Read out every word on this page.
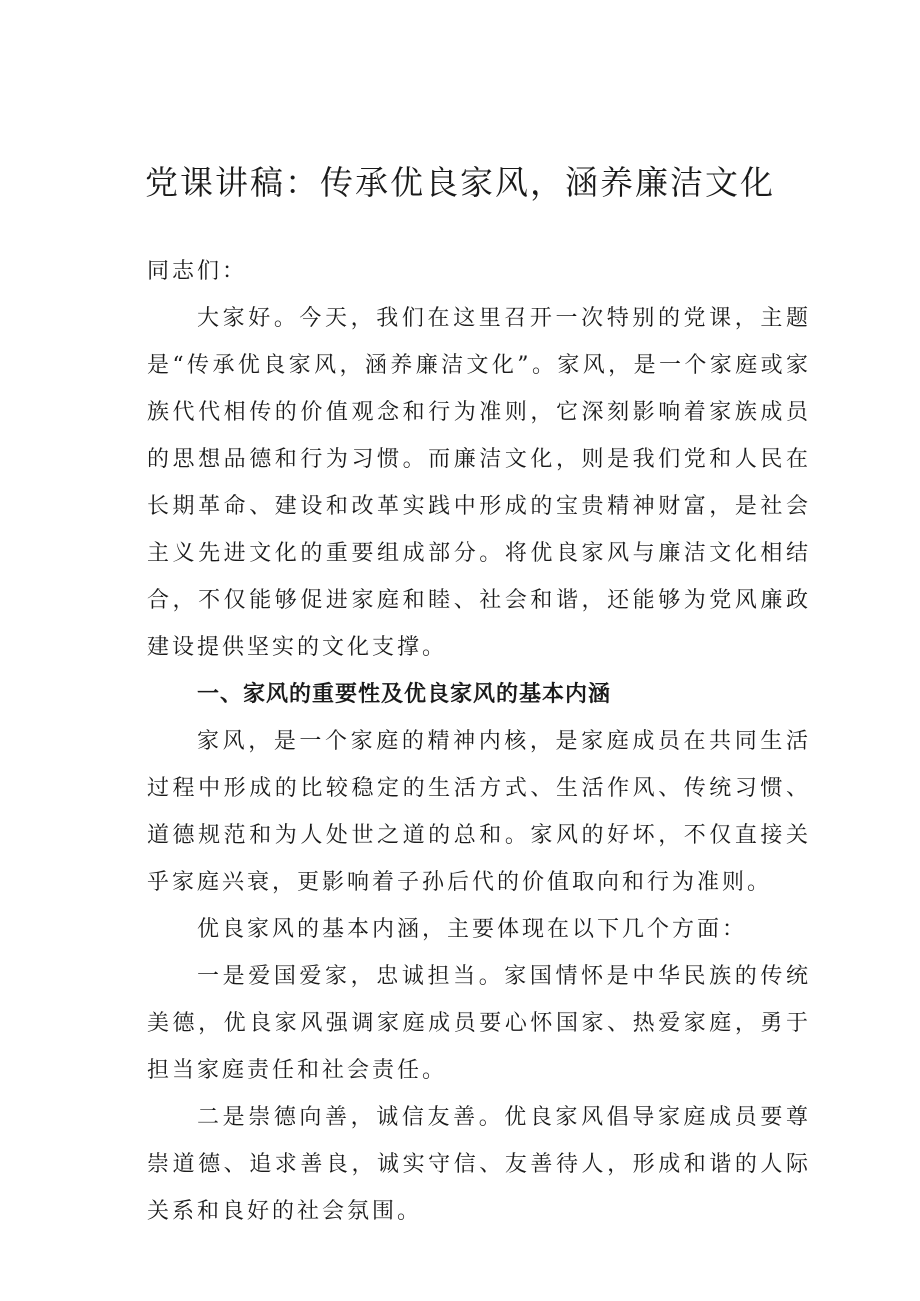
党课讲稿：传承优良家风，涵养廉洁文化

同志们：

大家好。今天，我们在这里召开一次特别的党课，主题是“传承优良家风，涵养廉洁文化”。家风，是一个家庭或家族代代相传的价值观念和行为准则，它深刻影响着家族成员的思想品德和行为习惯。而廉洁文化，则是我们党和人民在长期革命、建设和改革实践中形成的宝贵精神财富，是社会主义先进文化的重要组成部分。将优良家风与廉洁文化相结合，不仅能够促进家庭和睦、社会和谐，还能够为党风廉政建设提供坚实的文化支撑。

一、家风的重要性及优良家风的基本内涵

家风，是一个家庭的精神内核，是家庭成员在共同生活过程中形成的比较稳定的生活方式、生活作风、传统习惯、道德规范和为人处世之道的总和。家风的好坏，不仅直接关乎家庭兴衰，更影响着子孙后代的价值取向和行为准则。

优良家风的基本内涵，主要体现在以下几个方面：

一是爱国爱家，忠诚担当。家国情怀是中华民族的传统美德，优良家风强调家庭成员要心怀国家、热爱家庭，勇于担当家庭责任和社会责任。

二是崇德向善，诚信友善。优良家风倡导家庭成员要尊崇道德、追求善良，诚实守信、友善待人，形成和谐的人际关系和良好的社会氛围。
